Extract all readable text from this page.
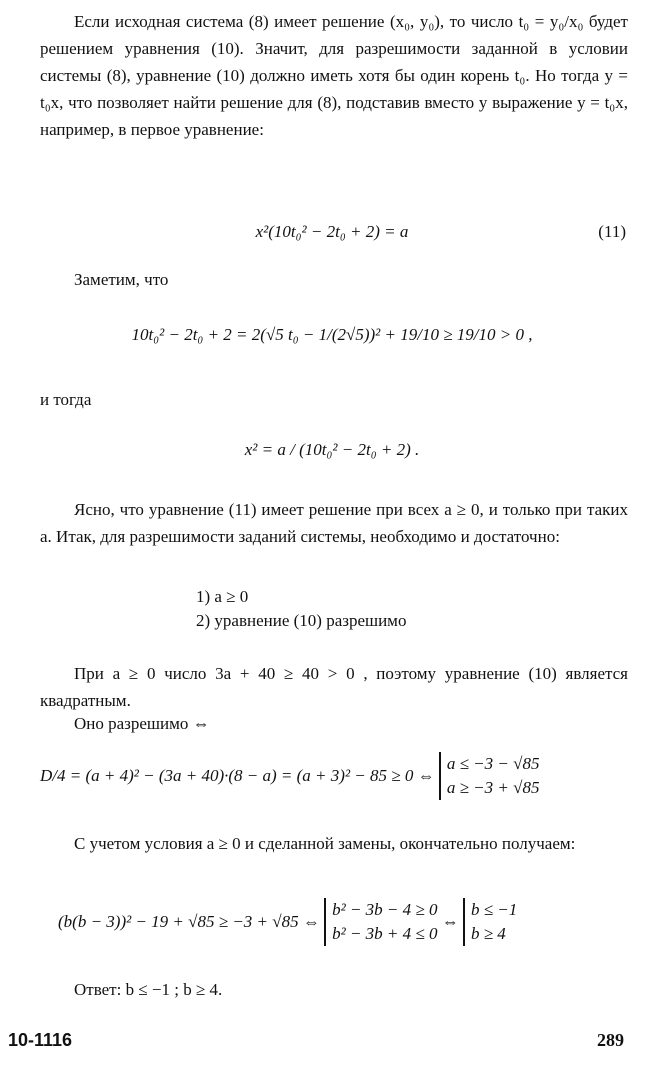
Если исходная система (8) имеет решение (x₀, y₀), то число t₀ = y₀/x₀ будет решением уравнения (10). Значит, для разрешимости заданной в условии системы (8), уравнение (10) должно иметь хотя бы один корень t₀. Но тогда y = t₀x, что позволяет найти решение для (8), подставив вместо y выражение y = t₀x, например, в первое уравнение:

x²(10t₀² − 2t₀ + 2) = a	(11)

Заметим, что

10t₀² − 2t₀ + 2 = 2(√5 t₀ − 1/(2√5))² + 19/10 ≥ 19/10 > 0 ,

и тогда

x² = a / (10t₀² − 2t₀ + 2) .

Ясно, что уравнение (11) имеет решение при всех a ≥ 0, и только при таких a. Итак, для разрешимости заданий системы, необходимо и достаточно:

1) a ≥ 0
2) уравнение (10) разрешимо

При a ≥ 0 число 3a + 40 ≥ 40 > 0 , поэтому уравнение (10) является квадратным.

Оно разрешимо ⇔

D/4 = (a + 4)² − (3a + 40)·(8 − a) = (a + 3)² − 85 ≥ 0 ⇔
a ≤ −3 − √85
a ≥ −3 + √85

С учетом условия a ≥ 0 и сделанной замены, окончательно получаем:

(b(b − 3))² − 19 + √85 ≥ −3 + √85 ⇔
b² − 3b − 4 ≥ 0
b² − 3b + 4 ≤ 0
⇔
b ≤ −1
b ≥ 4

Ответ: b ≤ −1 ; b ≥ 4.

10-1116	289
